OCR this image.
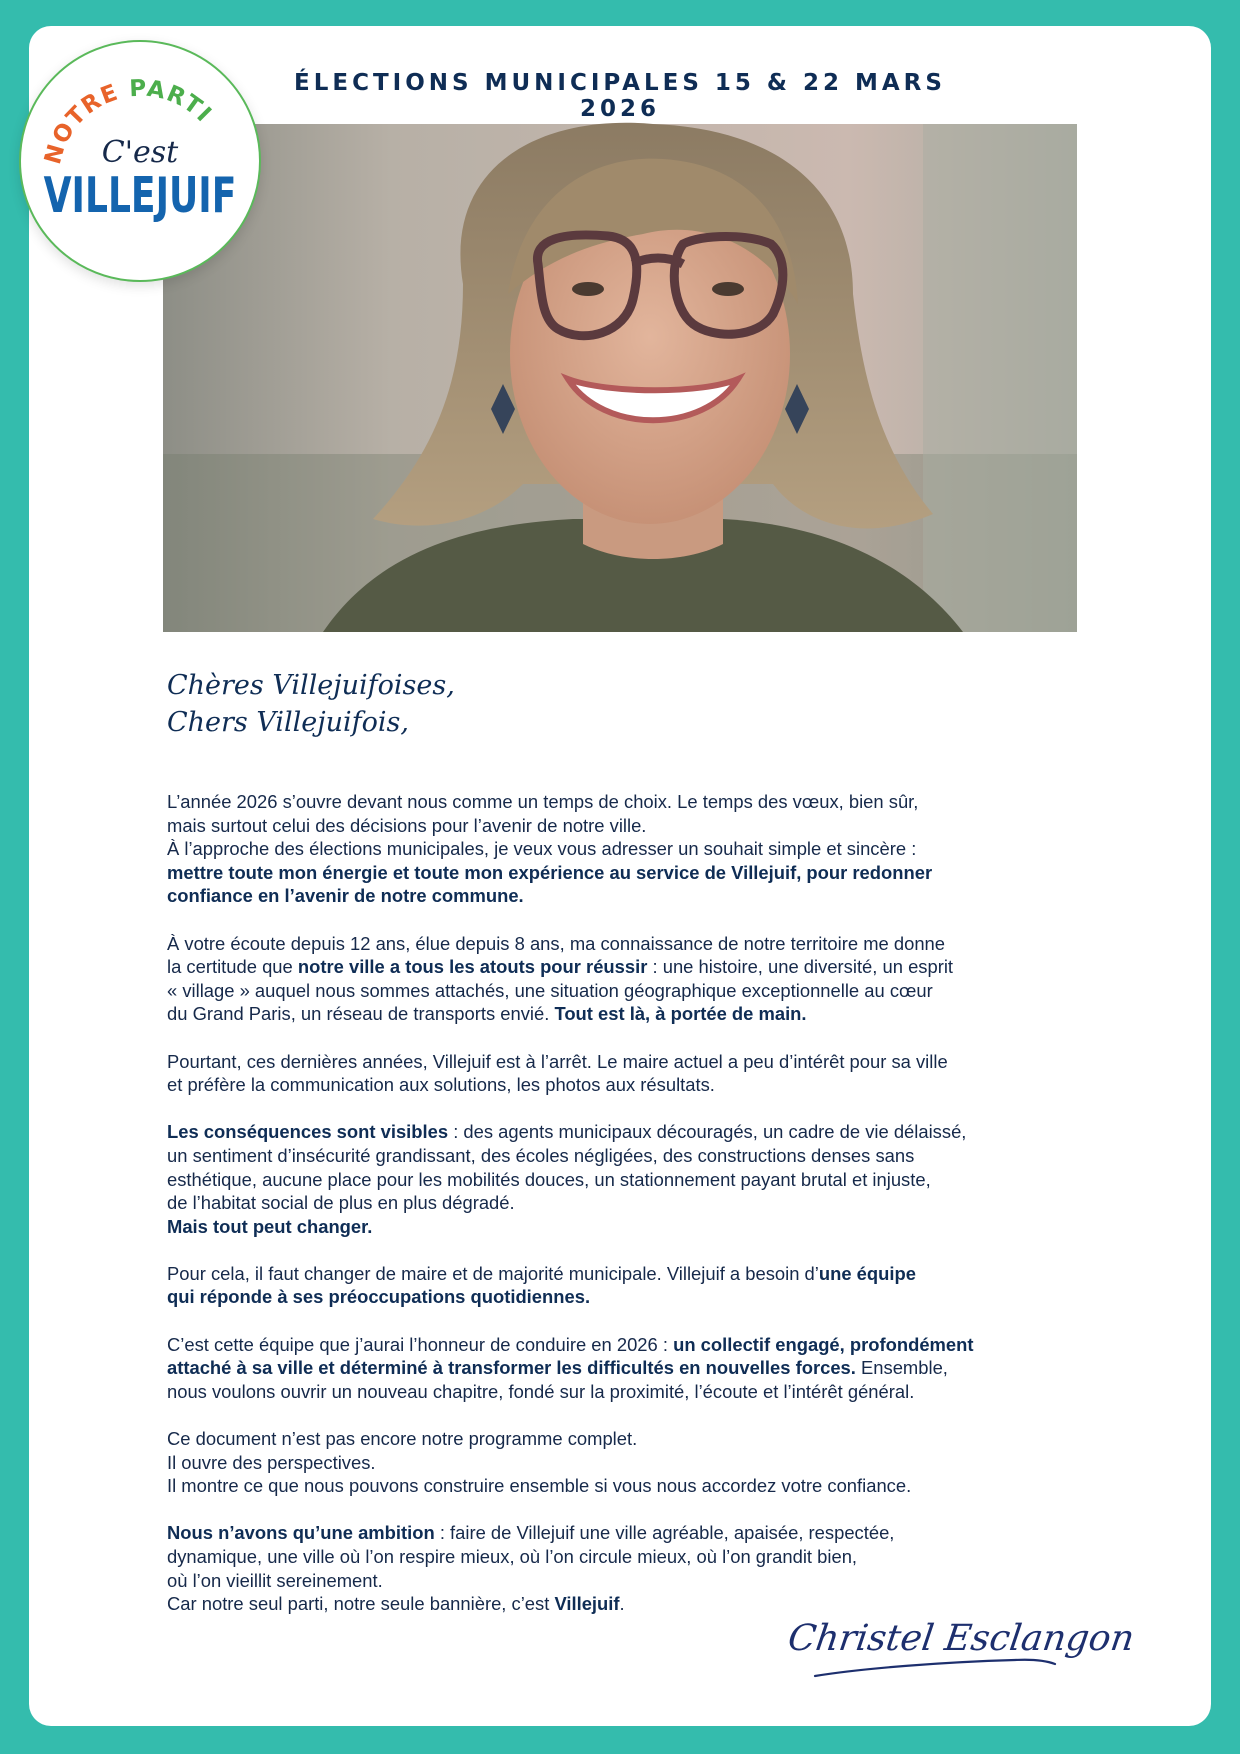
NOTRE PARTI
C'est
VILLEJUIF
ÉLECTIONS MUNICIPALES 15 & 22 MARS 2026
Chères Villejuifoises,
Chers Villejuifois,
L’année 2026 s’ouvre devant nous comme un temps de choix. Le temps des vœux, bien sûr,
mais surtout celui des décisions pour l’avenir de notre ville.
À l’approche des élections municipales, je veux vous adresser un souhait simple et sincère :
mettre toute mon énergie et toute mon expérience au service de Villejuif, pour redonner
confiance en l’avenir de notre commune.
À votre écoute depuis 12 ans, élue depuis 8 ans, ma connaissance de notre territoire me donne
la certitude que notre ville a tous les atouts pour réussir : une histoire, une diversité, un esprit
« village » auquel nous sommes attachés, une situation géographique exceptionnelle au cœur
du Grand Paris, un réseau de transports envié. Tout est là, à portée de main.
Pourtant, ces dernières années, Villejuif est à l’arrêt. Le maire actuel a peu d’intérêt pour sa ville
et préfère la communication aux solutions, les photos aux résultats.
Les conséquences sont visibles : des agents municipaux découragés, un cadre de vie délaissé,
un sentiment d’insécurité grandissant, des écoles négligées, des constructions denses sans
esthétique, aucune place pour les mobilités douces, un stationnement payant brutal et injuste,
de l’habitat social de plus en plus dégradé.
Mais tout peut changer.
Pour cela, il faut changer de maire et de majorité municipale. Villejuif a besoin d’une équipe
qui réponde à ses préoccupations quotidiennes.
C’est cette équipe que j’aurai l’honneur de conduire en 2026 : un collectif engagé, profondément
attaché à sa ville et déterminé à transformer les difficultés en nouvelles forces. Ensemble,
nous voulons ouvrir un nouveau chapitre, fondé sur la proximité, l’écoute et l’intérêt général.
Ce document n’est pas encore notre programme complet.
Il ouvre des perspectives.
Il montre ce que nous pouvons construire ensemble si vous nous accordez votre confiance.
Nous n’avons qu’une ambition : faire de Villejuif une ville agréable, apaisée, respectée,
dynamique, une ville où l’on respire mieux, où l’on circule mieux, où l’on grandit bien,
où l’on vieillit sereinement.
Car notre seul parti, notre seule bannière, c’est Villejuif.
Christel Esclangon
